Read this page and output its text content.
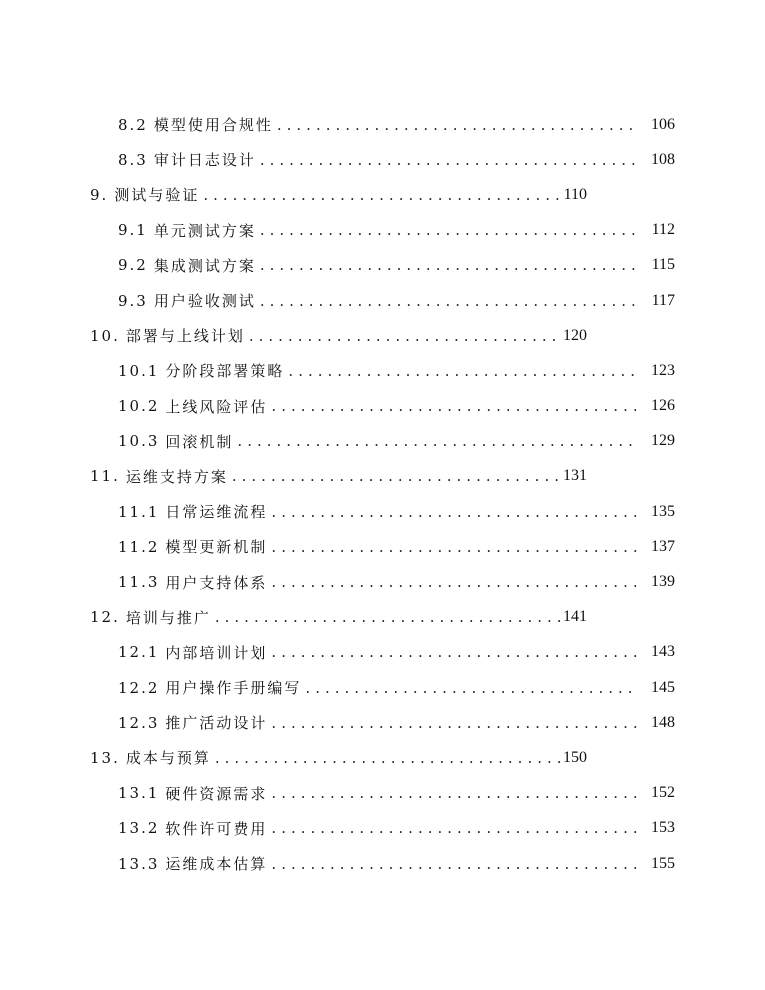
8.2 模型使用合规性 .....	106
8.3 审计日志设计 .....	108
9. 测试与验证 .....	110
9.1 单元测试方案 .....	112
9.2 集成测试方案 .....	115
9.3 用户验收测试 .....	117
10. 部署与上线计划 .....	120
10.1 分阶段部署策略 .....	123
10.2 上线风险评估 .....	126
10.3 回滚机制 .....	129
11. 运维支持方案 .....	131
11.1 日常运维流程 .....	135
11.2 模型更新机制 .....	137
11.3 用户支持体系 .....	139
12. 培训与推广 .....	141
12.1 内部培训计划 .....	143
12.2 用户操作手册编写 .....	145
12.3 推广活动设计 .....	148
13. 成本与预算 .....	150
13.1 硬件资源需求 .....	152
13.2 软件许可费用 .....	153
13.3 运维成本估算 .....	155
